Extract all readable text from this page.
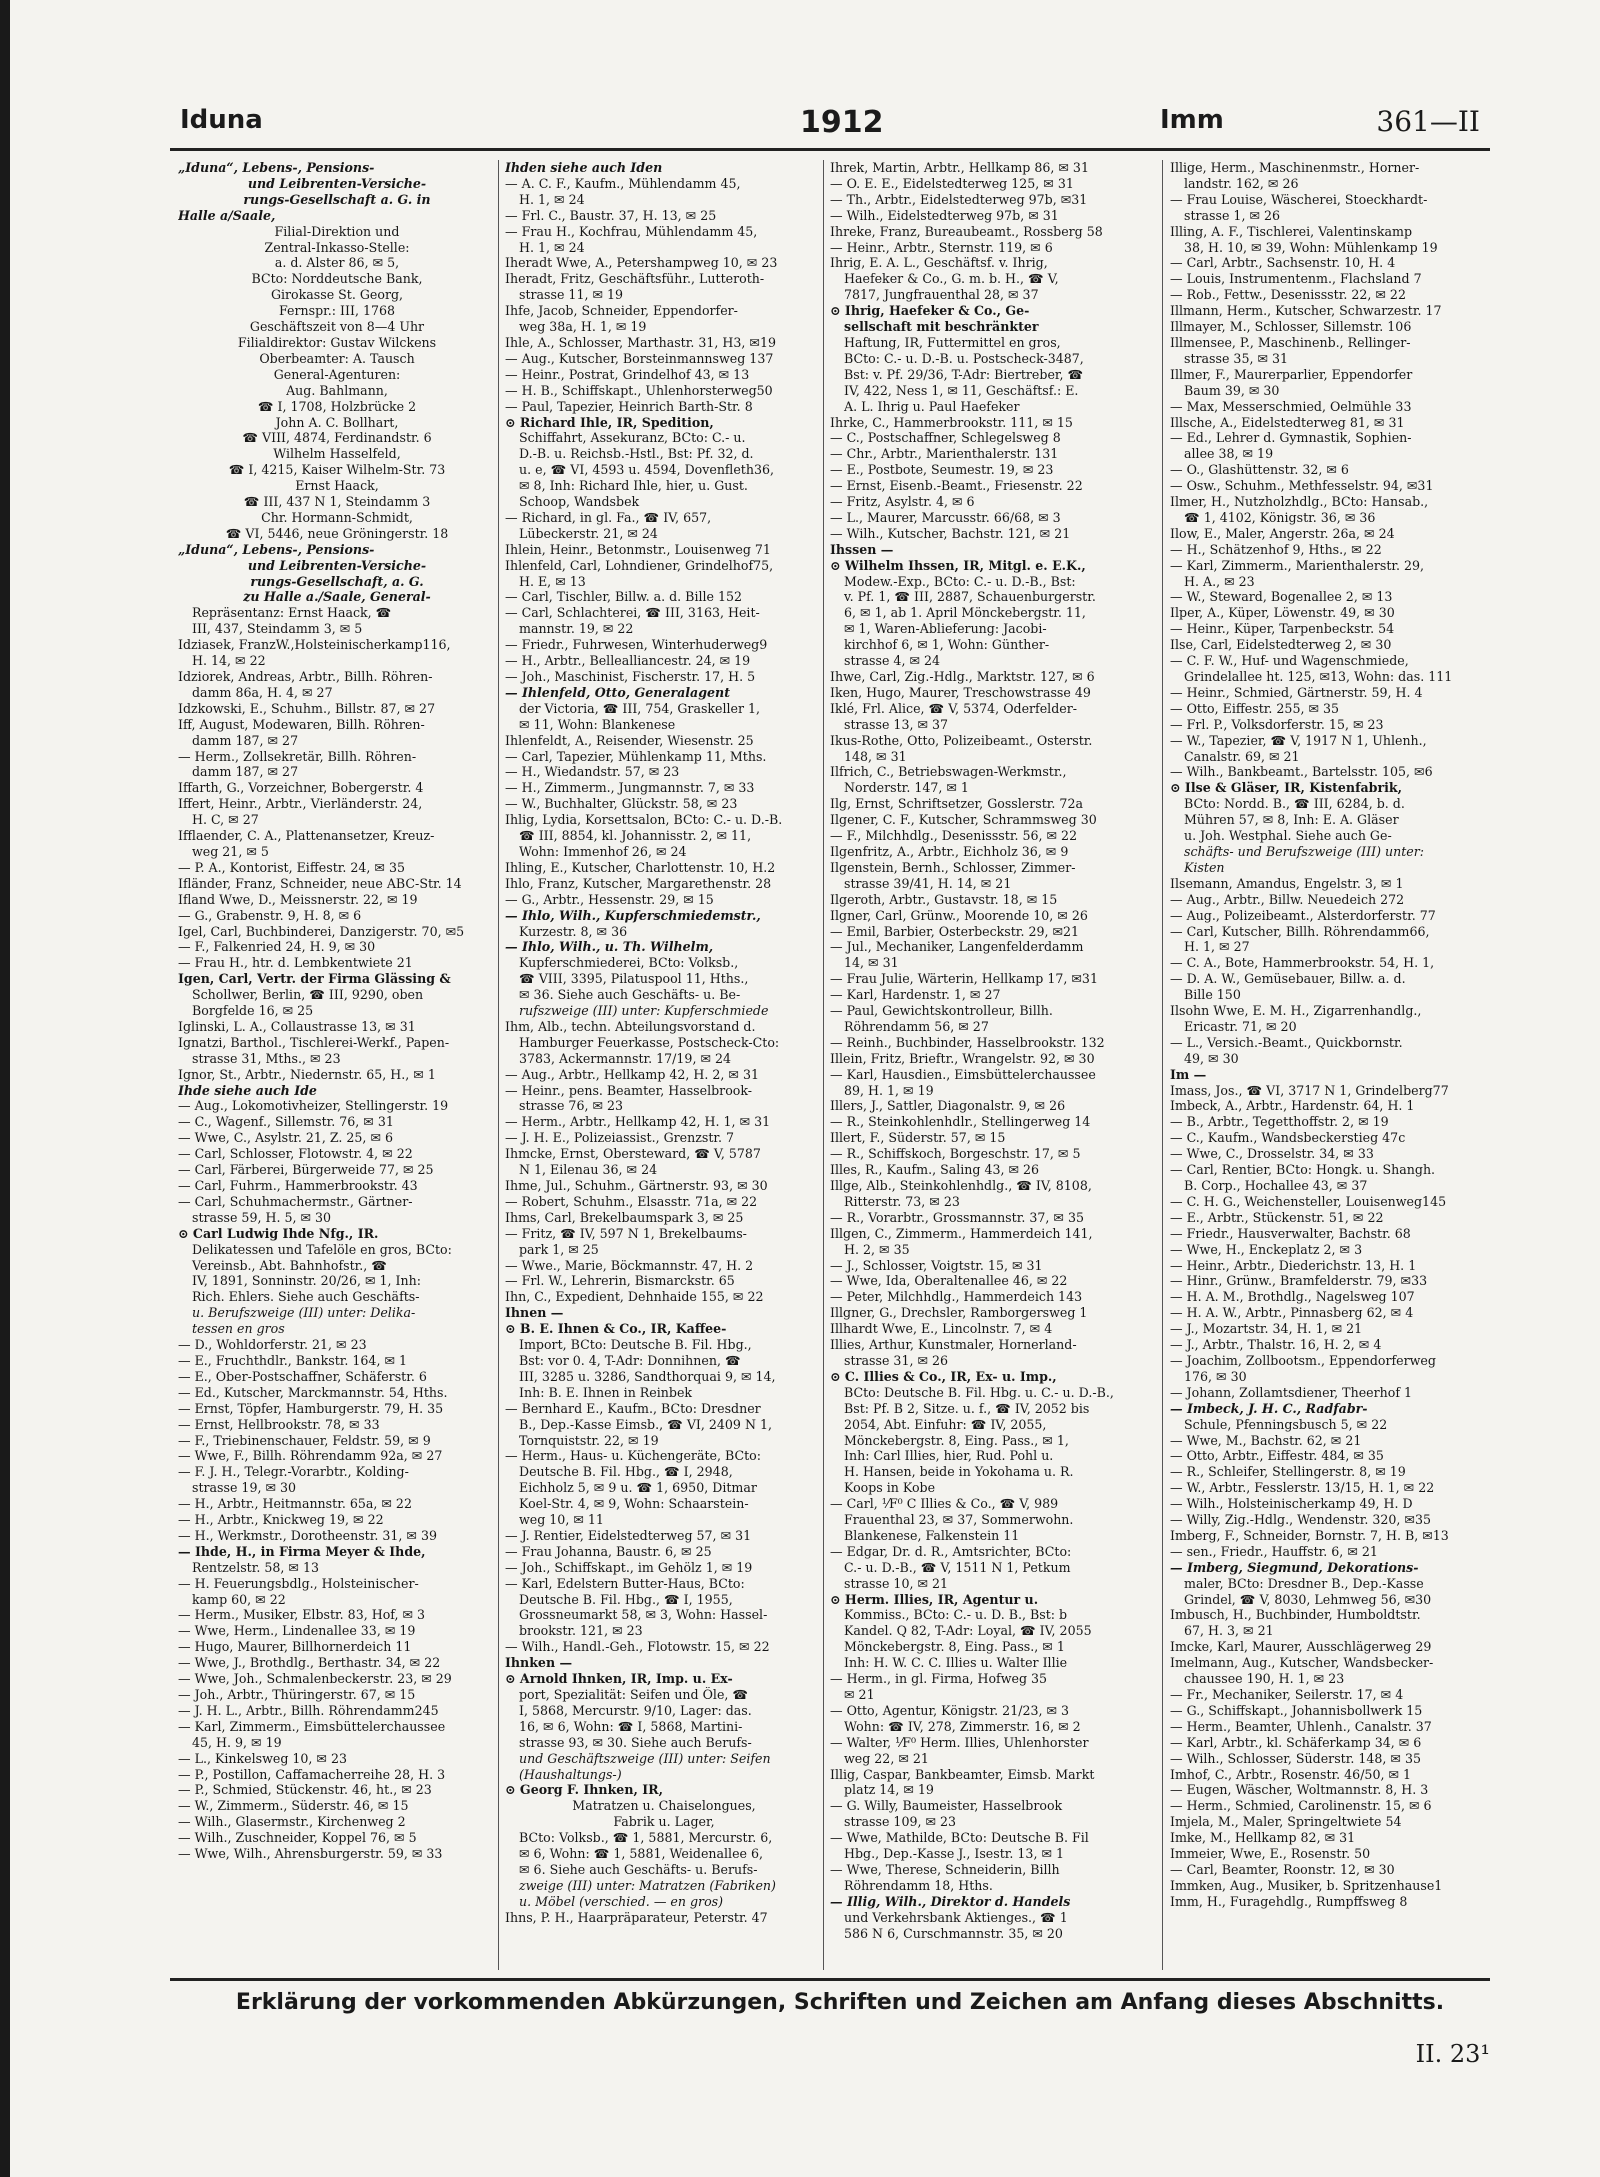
Iduna	1912	Imm	361—II
„Iduna“, Lebens-, Pensions-
und Leibrenten-Versiche-
rungs-Gesellschaft a. G. in
Halle a/Saale,
Filial-Direktion und
Zentral-Inkasso-Stelle:
a. d. Alster 86, ✉ 5,
BCto: Norddeutsche Bank,
Girokasse St. Georg,
Fernspr.: III, 1768
Geschäftszeit von 8—4 Uhr
Filialdirektor: Gustav Wilckens
Oberbeamter: A. Tausch
General-Agenturen:
Aug. Bahlmann,
☎ I, 1708, Holzbrücke 2
John A. C. Bollhart,
☎ VIII, 4874, Ferdinandstr. 6
Wilhelm Hasselfeld,
☎ I, 4215, Kaiser Wilhelm-Str. 73
Ernst Haack,
☎ III, 437 N 1, Steindamm 3
Chr. Hormann-Schmidt,
☎ VI, 5446, neue Gröningerstr. 18
„Iduna“, Lebens-, Pensions-
und Leibrenten-Versiche-
rungs-Gesellschaft, a. G.
zu Halle a./Saale, General-
Repräsentanz: Ernst Haack, ☎
III, 437, Steindamm 3, ✉ 5
Idziasek, FranzW.,Holsteinischerkamp116,
H. 14, ✉ 22
Idziorek, Andreas, Arbtr., Billh. Röhren-
damm 86a, H. 4, ✉ 27
Idzkowski, E., Schuhm., Billstr. 87, ✉ 27
Iff, August, Modewaren, Billh. Röhren-
damm 187, ✉ 27
— Herm., Zollsekretär, Billh. Röhren-
damm 187, ✉ 27
Iffarth, G., Vorzeichner, Bobergerstr. 4
Iffert, Heinr., Arbtr., Vierländerstr. 24,
H. C, ✉ 27
Ifflaender, C. A., Plattenansetzer, Kreuz-
weg 21, ✉ 5
— P. A., Kontorist, Eiffestr. 24, ✉ 35
Ifländer, Franz, Schneider, neue ABC-Str. 14
Ifland Wwe, D., Meissnerstr. 22, ✉ 19
— G., Grabenstr. 9, H. 8, ✉ 6
Igel, Carl, Buchbinderei, Danzigerstr. 70, ✉5
— F., Falkenried 24, H. 9, ✉ 30
— Frau H., htr. d. Lembkentwiete 21
Igen, Carl, Vertr. der Firma Glässing &
Schollwer, Berlin, ☎ III, 9290, oben
Borgfelde 16, ✉ 25
Iglinski, L. A., Collaustrasse 13, ✉ 31
Ignatzi, Barthol., Tischlerei-Werkf., Papen-
strasse 31, Mths., ✉ 23
Ignor, St., Arbtr., Niedernstr. 65, H., ✉ 1
Ihde siehe auch Ide
— Aug., Lokomotivheizer, Stellingerstr. 19
— C., Wagenf., Sillemstr. 76, ✉ 31
— Wwe, C., Asylstr. 21, Z. 25, ✉ 6
— Carl, Schlosser, Flotowstr. 4, ✉ 22
— Carl, Färberei, Bürgerweide 77, ✉ 25
— Carl, Fuhrm., Hammerbrookstr. 43
— Carl, Schuhmachermstr., Gärtner-
strasse 59, H. 5, ✉ 30
⊙ Carl Ludwig Ihde Nfg., IR.
Delikatessen und Tafelöle en gros, BCto:
Vereinsb., Abt. Bahnhofstr., ☎
IV, 1891, Sonninstr. 20/26, ✉ 1, Inh:
Rich. Ehlers. Siehe auch Geschäfts-
u. Berufszweige (III) unter: Delika-
tessen en gros
— D., Wohldorferstr. 21, ✉ 23
— E., Fruchthdlr., Bankstr. 164, ✉ 1
— E., Ober-Postschaffner, Schäferstr. 6
— Ed., Kutscher, Marckmannstr. 54, Hths.
— Ernst, Töpfer, Hamburgerstr. 79, H. 35
— Ernst, Hellbrookstr. 78, ✉ 33
— F., Triebinenschauer, Feldstr. 59, ✉ 9
— Wwe, F., Billh. Röhrendamm 92a, ✉ 27
— F. J. H., Telegr.-Vorarbtr., Kolding-
strasse 19, ✉ 30
— H., Arbtr., Heitmannstr. 65a, ✉ 22
— H., Arbtr., Knickweg 19, ✉ 22
— H., Werkmstr., Dorotheenstr. 31, ✉ 39
— Ihde, H., in Firma Meyer & Ihde,
Rentzelstr. 58, ✉ 13
— H. Feuerungsbdlg., Holsteinischer-
kamp 60, ✉ 22
— Herm., Musiker, Elbstr. 83, Hof, ✉ 3
— Wwe, Herm., Lindenallee 33, ✉ 19
— Hugo, Maurer, Billhornerdeich 11
— Wwe, J., Brothdlg., Berthastr. 34, ✉ 22
— Wwe, Joh., Schmalenbeckerstr. 23, ✉ 29
— Joh., Arbtr., Thüringerstr. 67, ✉ 15
— J. H. L., Arbtr., Billh. Röhrendamm245
— Karl, Zimmerm., Eimsbüttelerchaussee
45, H. 9, ✉ 19
— L., Kinkelsweg 10, ✉ 23
— P., Postillon, Caffamacherreihe 28, H. 3
— P., Schmied, Stückenstr. 46, ht., ✉ 23
— W., Zimmerm., Süderstr. 46, ✉ 15
— Wilh., Glasermstr., Kirchenweg 2
— Wilh., Zuschneider, Koppel 76, ✉ 5
— Wwe, Wilh., Ahrensburgerstr. 59, ✉ 33
Ihden siehe auch Iden
— A. C. F., Kaufm., Mühlendamm 45,
H. 1, ✉ 24
— Frl. C., Baustr. 37, H. 13, ✉ 25
— Frau H., Kochfrau, Mühlendamm 45,
H. 1, ✉ 24
Iheradt Wwe, A., Petershampweg 10, ✉ 23
Iheradt, Fritz, Geschäftsführ., Lutteroth-
strasse 11, ✉ 19
Ihfe, Jacob, Schneider, Eppendorfer-
weg 38a, H. 1, ✉ 19
Ihle, A., Schlosser, Marthastr. 31, H3, ✉19
— Aug., Kutscher, Borsteinmannsweg 137
— Heinr., Postrat, Grindelhof 43, ✉ 13
— H. B., Schiffskapt., Uhlenhorsterweg50
— Paul, Tapezier, Heinrich Barth-Str. 8
⊙ Richard Ihle, IR, Spedition,
Schiffahrt, Assekuranz, BCto: C.- u.
D.-B. u. Reichsb.-Hstl., Bst: Pf. 32, d.
u. e, ☎ VI, 4593 u. 4594, Dovenfleth36,
✉ 8, Inh: Richard Ihle, hier, u. Gust.
Schoop, Wandsbek
— Richard, in gl. Fa., ☎ IV, 657,
Lübeckerstr. 21, ✉ 24
Ihlein, Heinr., Betonmstr., Louisenweg 71
Ihlenfeld, Carl, Lohndiener, Grindelhof75,
H. E, ✉ 13
— Carl, Tischler, Billw. a. d. Bille 152
— Carl, Schlachterei, ☎ III, 3163, Heit-
mannstr. 19, ✉ 22
— Friedr., Fuhrwesen, Winterhuderweg9
— H., Arbtr., Bellealliancestr. 24, ✉ 19
— Joh., Maschinist, Fischerstr. 17, H. 5
— Ihlenfeld, Otto, Generalagent
der Victoria, ☎ III, 754, Graskeller 1,
✉ 11, Wohn: Blankenese
Ihlenfeldt, A., Reisender, Wiesenstr. 25
— Carl, Tapezier, Mühlenkamp 11, Mths.
— H., Wiedandstr. 57, ✉ 23
— H., Zimmerm., Jungmannstr. 7, ✉ 33
— W., Buchhalter, Glückstr. 58, ✉ 23
Ihlig, Lydia, Korsettsalon, BCto: C.- u. D.-B.
☎ III, 8854, kl. Johannisstr. 2, ✉ 11,
Wohn: Immenhof 26, ✉ 24
Ihling, E., Kutscher, Charlottenstr. 10, H.2
Ihlo, Franz, Kutscher, Margarethenstr. 28
— G., Arbtr., Hessenstr. 29, ✉ 15
— Ihlo, Wilh., Kupferschmiedemstr.,
Kurzestr. 8, ✉ 36
— Ihlo, Wilh., u. Th. Wilhelm,
Kupferschmiederei, BCto: Volksb.,
☎ VIII, 3395, Pilatuspool 11, Hths.,
✉ 36. Siehe auch Geschäfts- u. Be-
rufszweige (III) unter: Kupferschmiede
Ihm, Alb., techn. Abteilungsvorstand d.
Hamburger Feuerkasse, Postscheck-Cto:
3783, Ackermannstr. 17/19, ✉ 24
— Aug., Arbtr., Hellkamp 42, H. 2, ✉ 31
— Heinr., pens. Beamter, Hasselbrook-
strasse 76, ✉ 23
— Herm., Arbtr., Hellkamp 42, H. 1, ✉ 31
— J. H. E., Polizeiassist., Grenzstr. 7
Ihmcke, Ernst, Obersteward, ☎ V, 5787
N 1, Eilenau 36, ✉ 24
Ihme, Jul., Schuhm., Gärtnerstr. 93, ✉ 30
— Robert, Schuhm., Elsasstr. 71a, ✉ 22
Ihms, Carl, Brekelbaumspark 3, ✉ 25
— Fritz, ☎ IV, 597 N 1, Brekelbaums-
park 1, ✉ 25
— Wwe., Marie, Böckmannstr. 47, H. 2
— Frl. W., Lehrerin, Bismarckstr. 65
Ihn, C., Expedient, Dehnhaide 155, ✉ 22
Ihnen —
⊙ B. E. Ihnen & Co., IR, Kaffee-
Import, BCto: Deutsche B. Fil. Hbg.,
Bst: vor 0. 4, T-Adr: Donnihnen, ☎
III, 3285 u. 3286, Sandthorquai 9, ✉ 14,
Inh: B. E. Ihnen in Reinbek
— Bernhard E., Kaufm., BCto: Dresdner
B., Dep.-Kasse Eimsb., ☎ VI, 2409 N 1,
Tornquiststr. 22, ✉ 19
— Herm., Haus- u. Küchengeräte, BCto:
Deutsche B. Fil. Hbg., ☎ I, 2948,
Eichholz 5, ✉ 9 u. ☎ 1, 6950, Ditmar
Koel-Str. 4, ✉ 9, Wohn: Schaarstein-
weg 10, ✉ 11
— J. Rentier, Eidelstedterweg 57, ✉ 31
— Frau Johanna, Baustr. 6, ✉ 25
— Joh., Schiffskapt., im Gehölz 1, ✉ 19
— Karl, Edelstern Butter-Haus, BCto:
Deutsche B. Fil. Hbg., ☎ I, 1955,
Grossneumarkt 58, ✉ 3, Wohn: Hassel-
brookstr. 121, ✉ 23
— Wilh., Handl.-Geh., Flotowstr. 15, ✉ 22
Ihnken —
⊙ Arnold Ihnken, IR, Imp. u. Ex-
port, Spezialität: Seifen und Öle, ☎
I, 5868, Mercurstr. 9/10, Lager: das.
16, ✉ 6, Wohn: ☎ I, 5868, Martini-
strasse 93, ✉ 30. Siehe auch Berufs-
und Geschäftszweige (III) unter: Seifen
(Haushaltungs-)
⊙ Georg F. Ihnken, IR,
Matratzen u. Chaiselongues,
Fabrik u. Lager,
BCto: Volksb., ☎ 1, 5881, Mercurstr. 6,
✉ 6, Wohn: ☎ 1, 5881, Weidenallee 6,
✉ 6. Siehe auch Geschäfts- u. Berufs-
zweige (III) unter: Matratzen (Fabriken)
u. Möbel (verschied. — en gros)
Ihns, P. H., Haarpräparateur, Peterstr. 47
Ihrek, Martin, Arbtr., Hellkamp 86, ✉ 31
— O. E. E., Eidelstedterweg 125, ✉ 31
— Th., Arbtr., Eidelstedterweg 97b, ✉31
— Wilh., Eidelstedterweg 97b, ✉ 31
Ihreke, Franz, Bureaubeamt., Rossberg 58
— Heinr., Arbtr., Sternstr. 119, ✉ 6
Ihrig, E. A. L., Geschäftsf. v. Ihrig,
Haefeker & Co., G. m. b. H., ☎ V,
7817, Jungfrauenthal 28, ✉ 37
⊙ Ihrig, Haefeker & Co., Ge-
sellschaft mit beschränkter
Haftung, IR, Futtermittel en gros,
BCto: C.- u. D.-B. u. Postscheck-3487,
Bst: v. Pf. 29/36, T-Adr: Biertreber, ☎
IV, 422, Ness 1, ✉ 11, Geschäftsf.: E.
A. L. Ihrig u. Paul Haefeker
Ihrke, C., Hammerbrookstr. 111, ✉ 15
— C., Postschaffner, Schlegelsweg 8
— Chr., Arbtr., Marienthalerstr. 131
— E., Postbote, Seumestr. 19, ✉ 23
— Ernst, Eisenb.-Beamt., Friesenstr. 22
— Fritz, Asylstr. 4, ✉ 6
— L., Maurer, Marcusstr. 66/68, ✉ 3
— Wilh., Kutscher, Bachstr. 121, ✉ 21
Ihssen —
⊙ Wilhelm Ihssen, IR, Mitgl. e. E.K.,
Modew.-Exp., BCto: C.- u. D.-B., Bst:
v. Pf. 1, ☎ III, 2887, Schauenburgerstr.
6, ✉ 1, ab 1. April Mönckebergstr. 11,
✉ 1, Waren-Ablieferung: Jacobi-
kirchhof 6, ✉ 1, Wohn: Günther-
strasse 4, ✉ 24
Ihwe, Carl, Zig.-Hdlg., Marktstr. 127, ✉ 6
Iken, Hugo, Maurer, Treschowstrasse 49
Iklé, Frl. Alice, ☎ V, 5374, Oderfelder-
strasse 13, ✉ 37
Ikus-Rothe, Otto, Polizeibeamt., Osterstr.
148, ✉ 31
Ilfrich, C., Betriebswagen-Werkmstr.,
Norderstr. 147, ✉ 1
Ilg, Ernst, Schriftsetzer, Gosslerstr. 72a
Ilgener, C. F., Kutscher, Schrammsweg 30
— F., Milchhdlg., Desenissstr. 56, ✉ 22
Ilgenfritz, A., Arbtr., Eichholz 36, ✉ 9
Ilgenstein, Bernh., Schlosser, Zimmer-
strasse 39/41, H. 14, ✉ 21
Ilgeroth, Arbtr., Gustavstr. 18, ✉ 15
Ilgner, Carl, Grünw., Moorende 10, ✉ 26
— Emil, Barbier, Osterbeckstr. 29, ✉21
— Jul., Mechaniker, Langenfelderdamm
14, ✉ 31
— Frau Julie, Wärterin, Hellkamp 17, ✉31
— Karl, Hardenstr. 1, ✉ 27
— Paul, Gewichtskontrolleur, Billh.
Röhrendamm 56, ✉ 27
— Reinh., Buchbinder, Hasselbrookstr. 132
Illein, Fritz, Brieftr., Wrangelstr. 92, ✉ 30
— Karl, Hausdien., Eimsbüttelerchaussee
89, H. 1, ✉ 19
Illers, J., Sattler, Diagonalstr. 9, ✉ 26
— R., Steinkohlenhdlr., Stellingerweg 14
Illert, F., Süderstr. 57, ✉ 15
— R., Schiffskoch, Borgeschstr. 17, ✉ 5
Illes, R., Kaufm., Saling 43, ✉ 26
Illge, Alb., Steinkohlenhdlg., ☎ IV, 8108,
Ritterstr. 73, ✉ 23
— R., Vorarbtr., Grossmannstr. 37, ✉ 35
Illgen, C., Zimmerm., Hammerdeich 141,
H. 2, ✉ 35
— J., Schlosser, Voigtstr. 15, ✉ 31
— Wwe, Ida, Oberaltenallee 46, ✉ 22
— Peter, Milchhdlg., Hammerdeich 143
Illgner, G., Drechsler, Ramborgersweg 1
Illhardt Wwe, E., Lincolnstr. 7, ✉ 4
Illies, Arthur, Kunstmaler, Hornerland-
strasse 31, ✉ 26
⊙ C. Illies & Co., IR, Ex- u. Imp.,
BCto: Deutsche B. Fil. Hbg. u. C.- u. D.-B.,
Bst: Pf. B 2, Sitze. u. f., ☎ IV, 2052 bis
2054, Abt. Einfuhr: ☎ IV, 2055,
Mönckebergstr. 8, Eing. Pass., ✉ 1,
Inh: Carl Illies, hier, Rud. Pohl u.
H. Hansen, beide in Yokohama u. R.
Koops in Kobe
— Carl, ⅟F⁰ C Illies & Co., ☎ V, 989
Frauenthal 23, ✉ 37, Sommerwohn.
Blankenese, Falkenstein 11
— Edgar, Dr. d. R., Amtsrichter, BCto:
C.- u. D.-B., ☎ V, 1511 N 1, Petkum
strasse 10, ✉ 21
⊙ Herm. Illies, IR, Agentur u.
Kommiss., BCto: C.- u. D. B., Bst: b
Kandel. Q 82, T-Adr: Loyal, ☎ IV, 2055
Mönckebergstr. 8, Eing. Pass., ✉ 1
Inh: H. W. C. C. Illies u. Walter Illie
— Herm., in gl. Firma, Hofweg 35
✉ 21
— Otto, Agentur, Königstr. 21/23, ✉ 3
Wohn: ☎ IV, 278, Zimmerstr. 16, ✉ 2
— Walter, ⅟F⁰ Herm. Illies, Uhlenhorster
weg 22, ✉ 21
Illig, Caspar, Bankbeamter, Eimsb. Markt
platz 14, ✉ 19
— G. Willy, Baumeister, Hasselbrook
strasse 109, ✉ 23
— Wwe, Mathilde, BCto: Deutsche B. Fil
Hbg., Dep.-Kasse J., Isestr. 13, ✉ 1
— Wwe, Therese, Schneiderin, Billh
Röhrendamm 18, Hths.
— Illig, Wilh., Direktor d. Handels
und Verkehrsbank Aktienges., ☎ 1
586 N 6, Curschmannstr. 35, ✉ 20
Illige, Herm., Maschinenmstr., Horner-
landstr. 162, ✉ 26
— Frau Louise, Wäscherei, Stoeckhardt-
strasse 1, ✉ 26
Illing, A. F., Tischlerei, Valentinskamp
38, H. 10, ✉ 39, Wohn: Mühlenkamp 19
— Carl, Arbtr., Sachsenstr. 10, H. 4
— Louis, Instrumentenm., Flachsland 7
— Rob., Fettw., Desenissstr. 22, ✉ 22
Illmann, Herm., Kutscher, Schwarzestr. 17
Illmayer, M., Schlosser, Sillemstr. 106
Illmensee, P., Maschinenb., Rellinger-
strasse 35, ✉ 31
Illmer, F., Maurerparlier, Eppendorfer
Baum 39, ✉ 30
— Max, Messerschmied, Oelmühle 33
Illsche, A., Eidelstedterweg 81, ✉ 31
— Ed., Lehrer d. Gymnastik, Sophien-
allee 38, ✉ 19
— O., Glashüttenstr. 32, ✉ 6
— Osw., Schuhm., Methfesselstr. 94, ✉31
Ilmer, H., Nutzholzhdlg., BCto: Hansab.,
☎ 1, 4102, Königstr. 36, ✉ 36
Ilow, E., Maler, Angerstr. 26a, ✉ 24
— H., Schätzenhof 9, Hths., ✉ 22
— Karl, Zimmerm., Marienthalerstr. 29,
H. A., ✉ 23
— W., Steward, Bogenallee 2, ✉ 13
Ilper, A., Küper, Löwenstr. 49, ✉ 30
— Heinr., Küper, Tarpenbeckstr. 54
Ilse, Carl, Eidelstedterweg 2, ✉ 30
— C. F. W., Huf- und Wagenschmiede,
Grindelallee ht. 125, ✉13, Wohn: das. 111
— Heinr., Schmied, Gärtnerstr. 59, H. 4
— Otto, Eiffestr. 255, ✉ 35
— Frl. P., Volksdorferstr. 15, ✉ 23
— W., Tapezier, ☎ V, 1917 N 1, Uhlenh.,
Canalstr. 69, ✉ 21
— Wilh., Bankbeamt., Bartelsstr. 105, ✉6
⊙ Ilse & Gläser, IR, Kistenfabrik,
BCto: Nordd. B., ☎ III, 6284, b. d.
Mühren 57, ✉ 8, Inh: E. A. Gläser
u. Joh. Westphal. Siehe auch Ge-
schäfts- und Berufszweige (III) unter:
Kisten
Ilsemann, Amandus, Engelstr. 3, ✉ 1
— Aug., Arbtr., Billw. Neuedeich 272
— Aug., Polizeibeamt., Alsterdorferstr. 77
— Carl, Kutscher, Billh. Röhrendamm66,
H. 1, ✉ 27
— C. A., Bote, Hammerbrookstr. 54, H. 1,
— D. A. W., Gemüsebauer, Billw. a. d.
Bille 150
Ilsohn Wwe, E. M. H., Zigarrenhandlg.,
Ericastr. 71, ✉ 20
— L., Versich.-Beamt., Quickbornstr.
49, ✉ 30
Im —
Imass, Jos., ☎ VI, 3717 N 1, Grindelberg77
Imbeck, A., Arbtr., Hardenstr. 64, H. 1
— B., Arbtr., Tegetthoffstr. 2, ✉ 19
— C., Kaufm., Wandsbeckerstieg 47c
— Wwe, C., Drosselstr. 34, ✉ 33
— Carl, Rentier, BCto: Hongk. u. Shangh.
B. Corp., Hochallee 43, ✉ 37
— C. H. G., Weichensteller, Louisenweg145
— E., Arbtr., Stückenstr. 51, ✉ 22
— Friedr., Hausverwalter, Bachstr. 68
— Wwe, H., Enckeplatz 2, ✉ 3
— Heinr., Arbtr., Diederichstr. 13, H. 1
— Hinr., Grünw., Bramfelderstr. 79, ✉33
— H. A. M., Brothdlg., Nagelsweg 107
— H. A. W., Arbtr., Pinnasberg 62, ✉ 4
— J., Mozartstr. 34, H. 1, ✉ 21
— J., Arbtr., Thalstr. 16, H. 2, ✉ 4
— Joachim, Zollbootsm., Eppendorferweg
176, ✉ 30
— Johann, Zollamtsdiener, Theerhof 1
— Imbeck, J. H. C., Radfabr-
Schule, Pfenningsbusch 5, ✉ 22
— Wwe, M., Bachstr. 62, ✉ 21
— Otto, Arbtr., Eiffestr. 484, ✉ 35
— R., Schleifer, Stellingerstr. 8, ✉ 19
— W., Arbtr., Fesslerstr. 13/15, H. 1, ✉ 22
— Wilh., Holsteinischerkamp 49, H. D
— Willy, Zig.-Hdlg., Wendenstr. 320, ✉35
Imberg, F., Schneider, Bornstr. 7, H. B, ✉13
— sen., Friedr., Hauffstr. 6, ✉ 21
— Imberg, Siegmund, Dekorations-
maler, BCto: Dresdner B., Dep.-Kasse
Grindel, ☎ V, 8030, Lehmweg 56, ✉30
Imbusch, H., Buchbinder, Humboldtstr.
67, H. 3, ✉ 21
Imcke, Karl, Maurer, Ausschlägerweg 29
Imelmann, Aug., Kutscher, Wandsbecker-
chaussee 190, H. 1, ✉ 23
— Fr., Mechaniker, Seilerstr. 17, ✉ 4
— G., Schiffskapt., Johannisbollwerk 15
— Herm., Beamter, Uhlenh., Canalstr. 37
— Karl, Arbtr., kl. Schäferkamp 34, ✉ 6
— Wilh., Schlosser, Süderstr. 148, ✉ 35
Imhof, C., Arbtr., Rosenstr. 46/50, ✉ 1
— Eugen, Wäscher, Woltmannstr. 8, H. 3
— Herm., Schmied, Carolinenstr. 15, ✉ 6
Imjela, M., Maler, Springeltwiete 54
Imke, M., Hellkamp 82, ✉ 31
Immeier, Wwe, E., Rosenstr. 50
— Carl, Beamter, Roonstr. 12, ✉ 30
Immken, Aug., Musiker, b. Spritzenhause1
Imm, H., Furagehdlg., Rumpffsweg 8
Erklärung der vorkommenden Abkürzungen, Schriften und Zeichen am Anfang dieses Abschnitts.
II. 23¹
